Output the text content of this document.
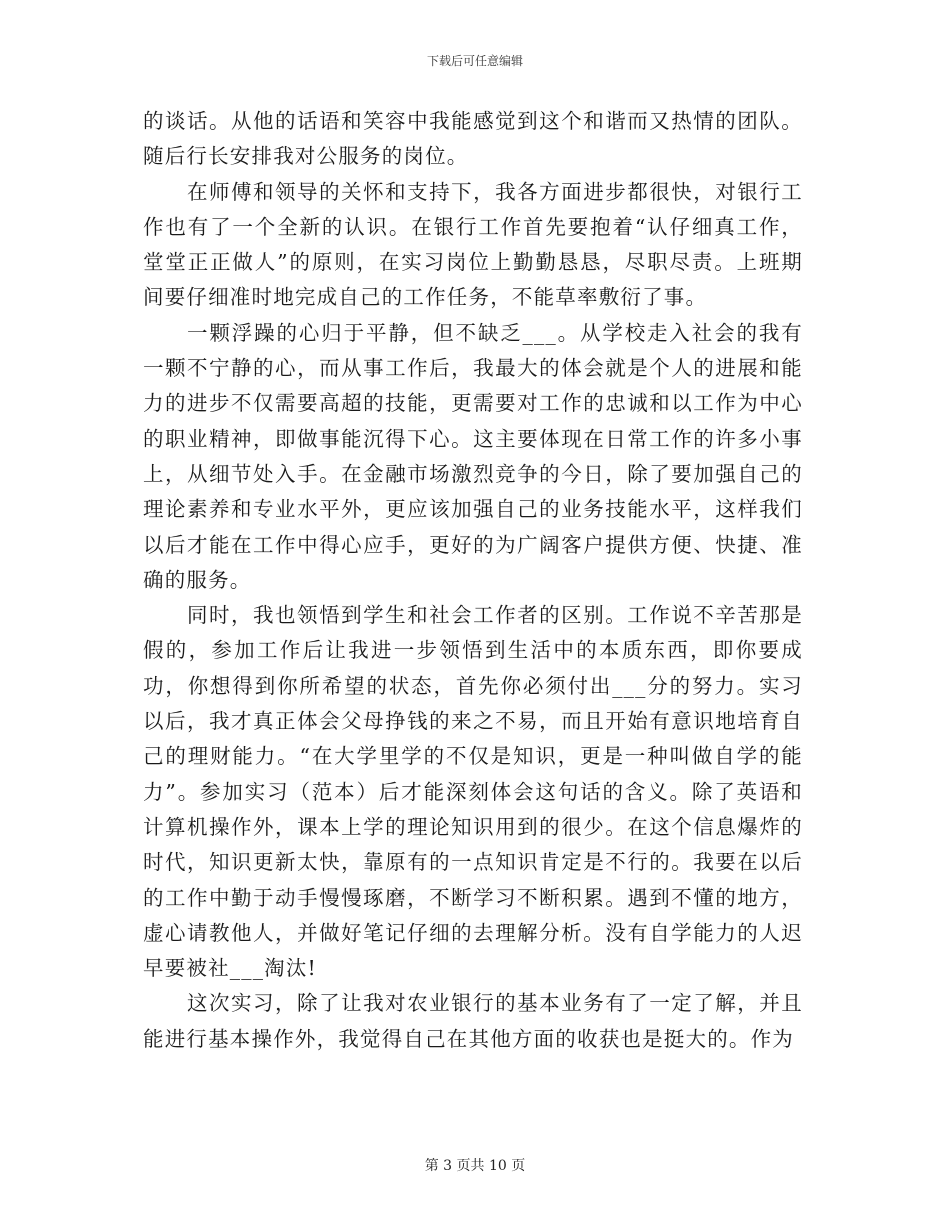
下载后可任意编辑

的谈话。从他的话语和笑容中我能感觉到这个和谐而又热情的团队。随后行长安排我对公服务的岗位。

在师傅和领导的关怀和支持下，我各方面进步都很快，对银行工作也有了一个全新的认识。在银行工作首先要抱着“认仔细真工作，堂堂正正做人”的原则，在实习岗位上勤勤恳恳，尽职尽责。上班期间要仔细准时地完成自己的工作任务，不能草率敷衍了事。

一颗浮躁的心归于平静，但不缺乏___。从学校走入社会的我有一颗不宁静的心，而从事工作后，我最大的体会就是个人的进展和能力的进步不仅需要高超的技能，更需要对工作的忠诚和以工作为中心的职业精神，即做事能沉得下心。这主要体现在日常工作的许多小事上，从细节处入手。在金融市场激烈竞争的今日，除了要加强自己的理论素养和专业水平外，更应该加强自己的业务技能水平，这样我们以后才能在工作中得心应手，更好的为广阔客户提供方便、快捷、准确的服务。

同时，我也领悟到学生和社会工作者的区别。工作说不辛苦那是假的，参加工作后让我进一步领悟到生活中的本质东西，即你要成功，你想得到你所希望的状态，首先你必须付出___分的努力。实习以后，我才真正体会父母挣钱的来之不易，而且开始有意识地培育自己的理财能力。“在大学里学的不仅是知识，更是一种叫做自学的能力”。参加实习（范本）后才能深刻体会这句话的含义。除了英语和计算机操作外，课本上学的理论知识用到的很少。在这个信息爆炸的时代，知识更新太快，靠原有的一点知识肯定是不行的。我要在以后的工作中勤于动手慢慢琢磨，不断学习不断积累。遇到不懂的地方，虚心请教他人，并做好笔记仔细的去理解分析。没有自学能力的人迟早要被社___淘汰!

这次实习，除了让我对农业银行的基本业务有了一定了解，并且能进行基本操作外，我觉得自己在其他方面的收获也是挺大的。作为

第 3 页共 10 页
